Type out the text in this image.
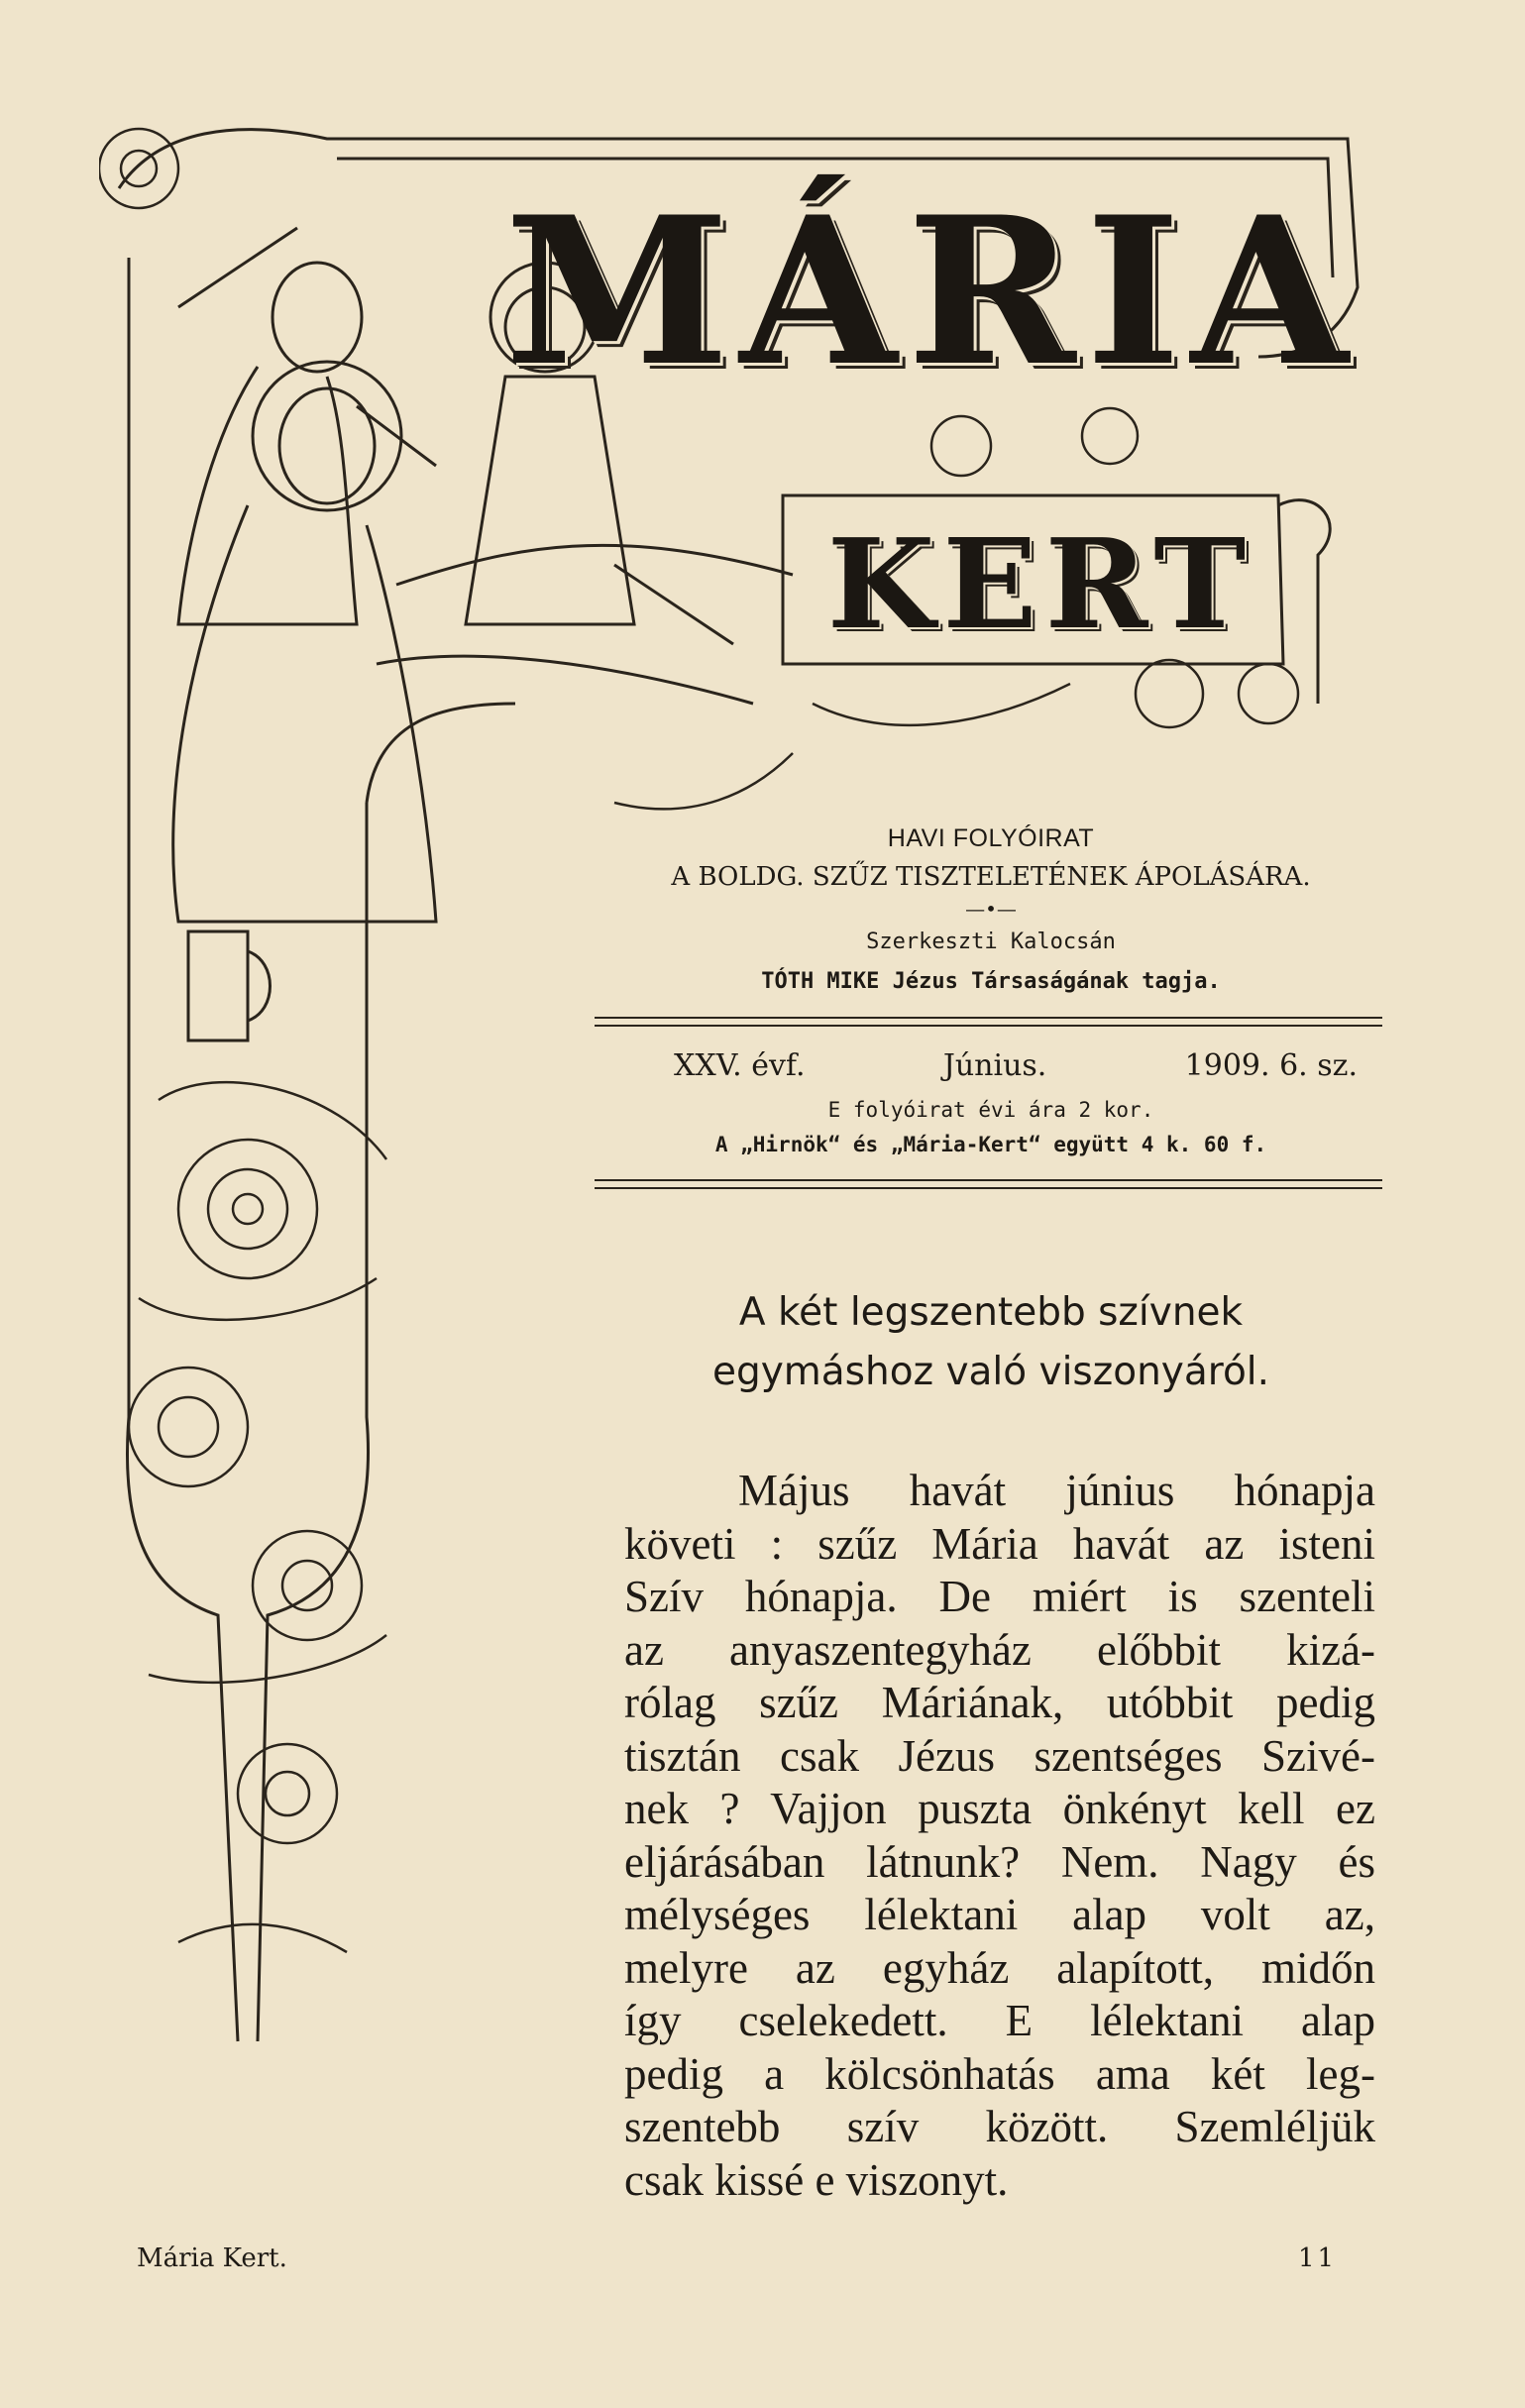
MÁRIA
KERT
HAVI FOLYÓIRAT
A BOLDG. SZŰZ TISZTELETÉNEK ÁPOLÁSÁRA.
—•—
Szerkeszti Kalocsán
TÓTH MIKE Jézus Társaságának tagja.
XXV. évf.	Június.	1909. 6. sz.
E folyóirat évi ára 2 kor.
A „Hirnök“ és „Mária-Kert“ együtt 4 k. 60 f.
A két legszentebb szívnek
egymáshoz való viszonyáról.
Május havát június hónapja
követi : szűz Mária havát az isteni
Szív hónapja. De miért is szenteli
az anyaszentegyház előbbit kizá-
rólag szűz Máriának, utóbbit pedig
tisztán csak Jézus szentséges Szivé-
nek ? Vajjon puszta önkényt kell ez
eljárásában látnunk? Nem. Nagy és
mélységes lélektani alap volt az,
melyre az egyház alapított, midőn
így cselekedett. E lélektani alap
pedig a kölcsönhatás ama két leg-
szentebb szív között. Szemléljük
csak kissé e viszonyt.
Mária Kert.	11
